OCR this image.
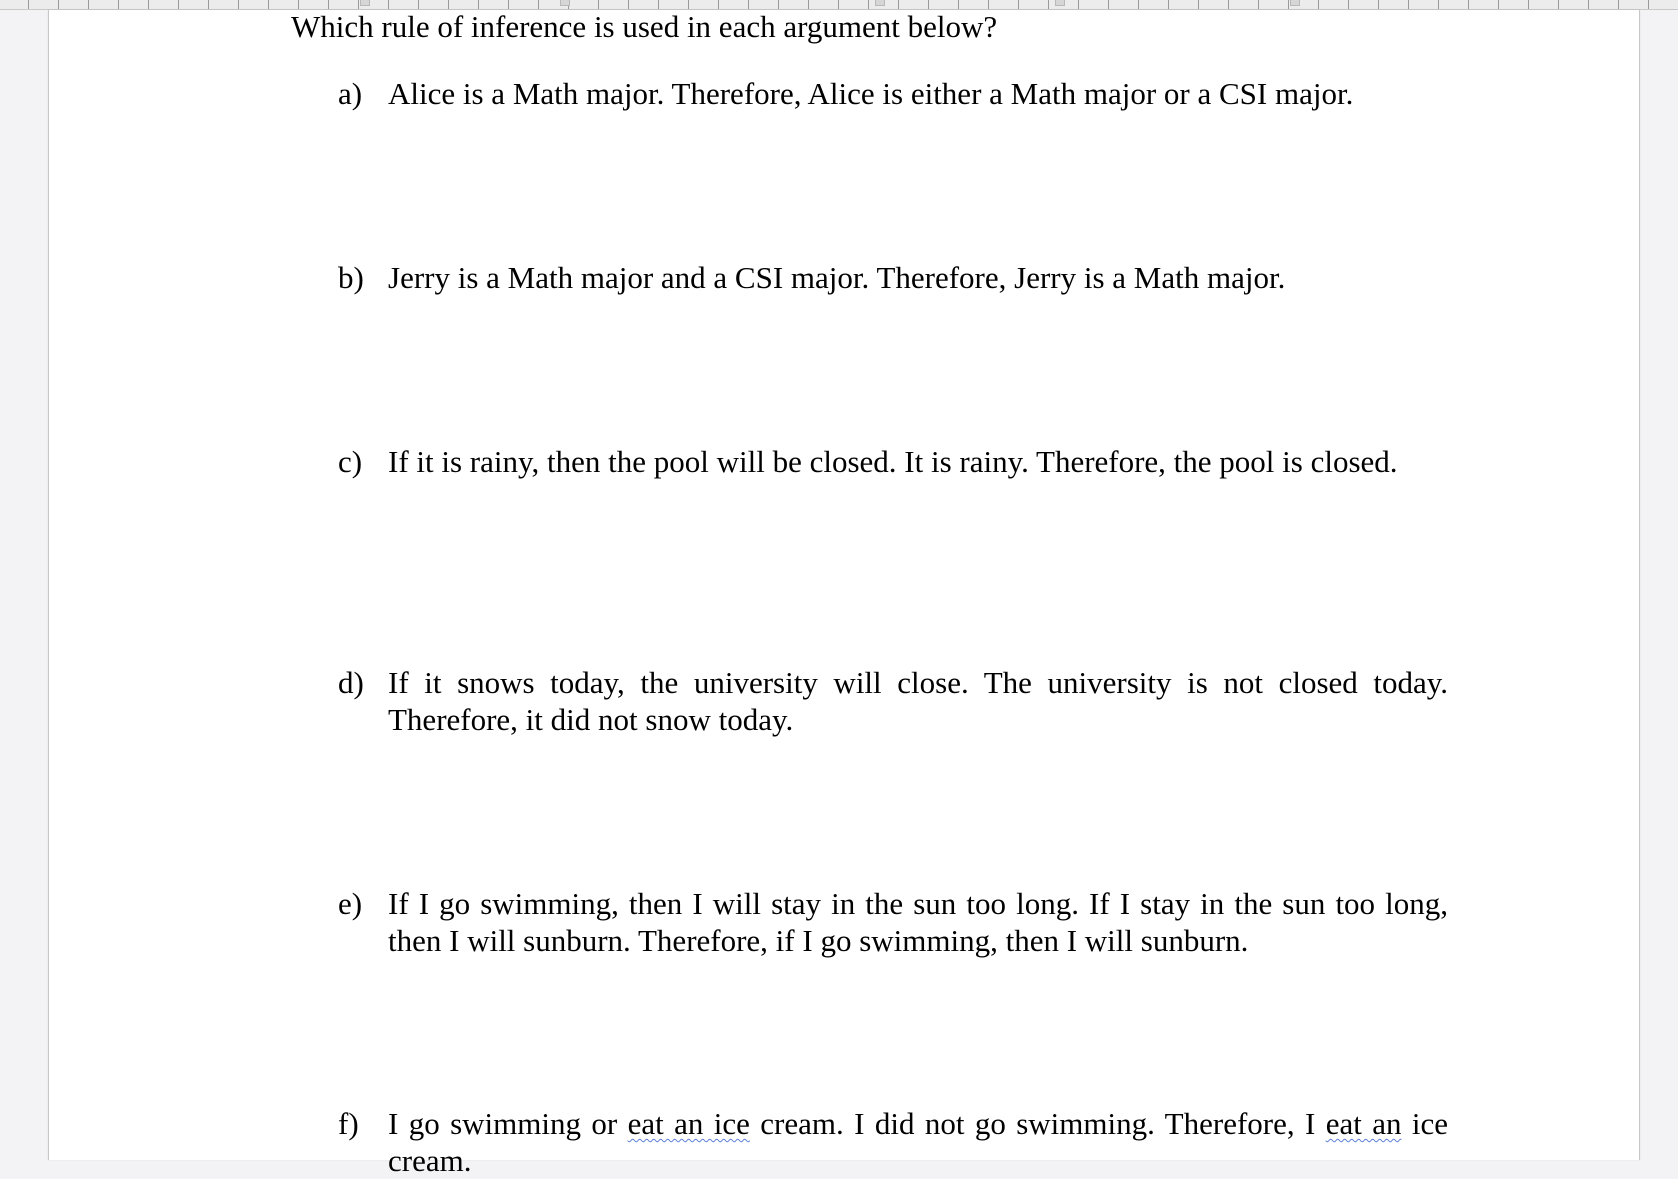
Which rule of inference is used in each argument below?

a) Alice is a Math major. Therefore, Alice is either a Math major or a CSI major.
b) Jerry is a Math major and a CSI major. Therefore, Jerry is a Math major.
c) If it is rainy, then the pool will be closed. It is rainy. Therefore, the pool is closed.
d) If it snows today, the university will close. The university is not closed today. Therefore, it did not snow today.
e) If I go swimming, then I will stay in the sun too long. If I stay in the sun too long, then I will sunburn. Therefore, if I go swimming, then I will sunburn.
f) I go swimming or eat an ice cream. I did not go swimming. Therefore, I eat an ice cream.
